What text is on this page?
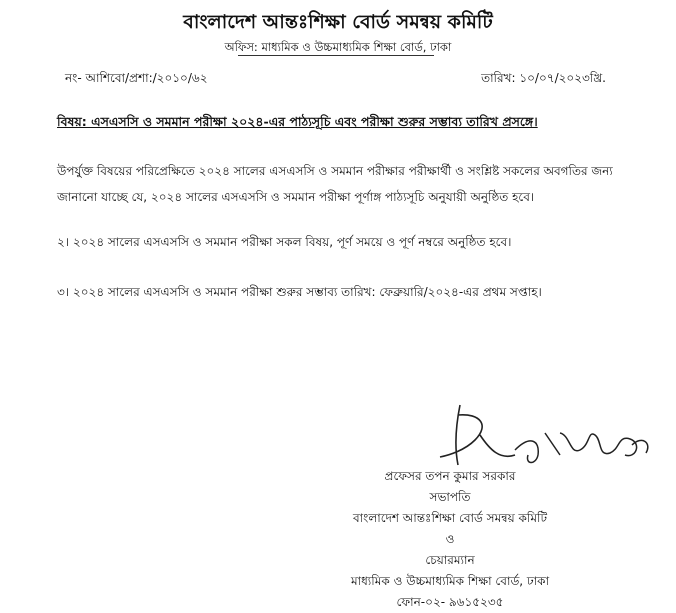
বাংলাদেশ আন্তঃশিক্ষা বোর্ড সমন্বয় কমিটি
অফিস: মাধ্যমিক ও উচ্চমাধ্যমিক শিক্ষা বোর্ড, ঢাকা
নং- আশিবো/প্রশা:/২০১০/৬২	তারিখ: ১০/০৭/২০২৩খ্রি.
বিষয়: এসএসসি ও সমমান পরীক্ষা ২০২৪-এর পাঠ্যসূচি এবং পরীক্ষা শুরুর সম্ভাব্য তারিখ প্রসঙ্গে।
উপর্যুক্ত বিষয়ের পরিপ্রেক্ষিতে ২০২৪ সালের এসএসসি ও সমমান পরীক্ষার পরীক্ষার্থী ও সংশ্লিষ্ট সকলের অবগতির জন্য জানানো যাচ্ছে যে, ২০২৪ সালের এসএসসি ও সমমান পরীক্ষা পূর্ণাঙ্গ পাঠ্যসূচি অনুযায়ী অনুষ্ঠিত হবে।
২। ২০২৪ সালের এসএসসি ও সমমান পরীক্ষা সকল বিষয়, পূর্ণ সময়ে ও পূর্ণ নম্বরে অনুষ্ঠিত হবে।
৩। ২০২৪ সালের এসএসসি ও সমমান পরীক্ষা শুরুর সম্ভাব্য তারিখ: ফেব্রুয়ারি/২০২৪-এর প্রথম সপ্তাহ।
প্রফেসর তপন কুমার সরকার
সভাপতি
বাংলাদেশ আন্তঃশিক্ষা বোর্ড সমন্বয় কমিটি
ও
চেয়ারম্যান
মাধ্যমিক ও উচ্চমাধ্যমিক শিক্ষা বোর্ড, ঢাকা
ফোন-০২- ৯৬১৫২৩৫
